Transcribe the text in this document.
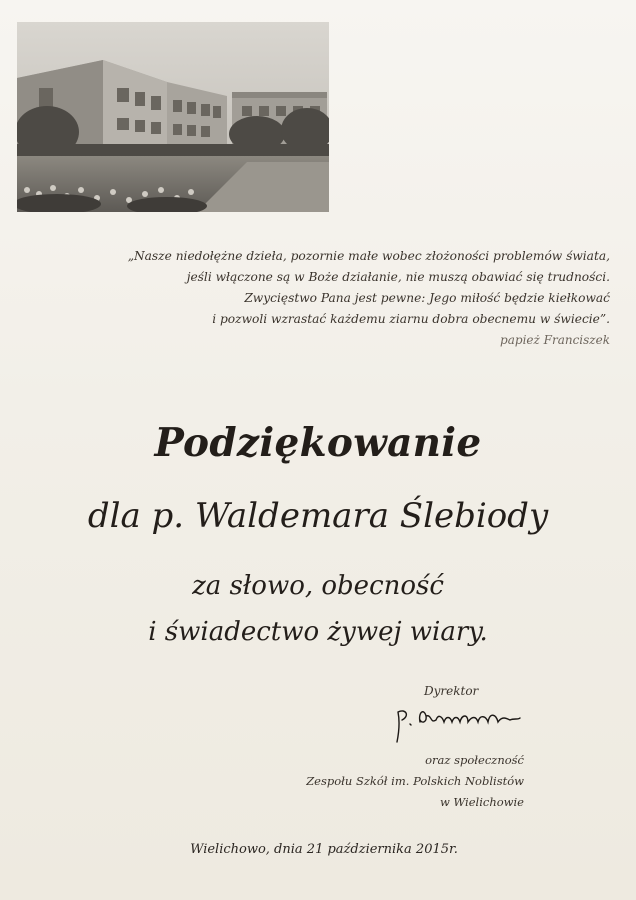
„Nasze niedołężne dzieła, pozornie małe wobec złożoności problemów świata,
jeśli włączone są w Boże działanie, nie muszą obawiać się trudności.
Zwycięstwo Pana jest pewne: Jego miłość będzie kiełkować
i pozwoli wzrastać każdemu ziarnu dobra obecnemu w świecie”.
papież Franciszek
Podziękowanie
dla p. Waldemara Ślebiody
za słowo, obecność
i świadectwo żywej wiary.
Dyrektor
oraz społeczność
Zespołu Szkół im. Polskich Noblistów
w Wielichowie
Wielichowo, dnia 21 października 2015r.
